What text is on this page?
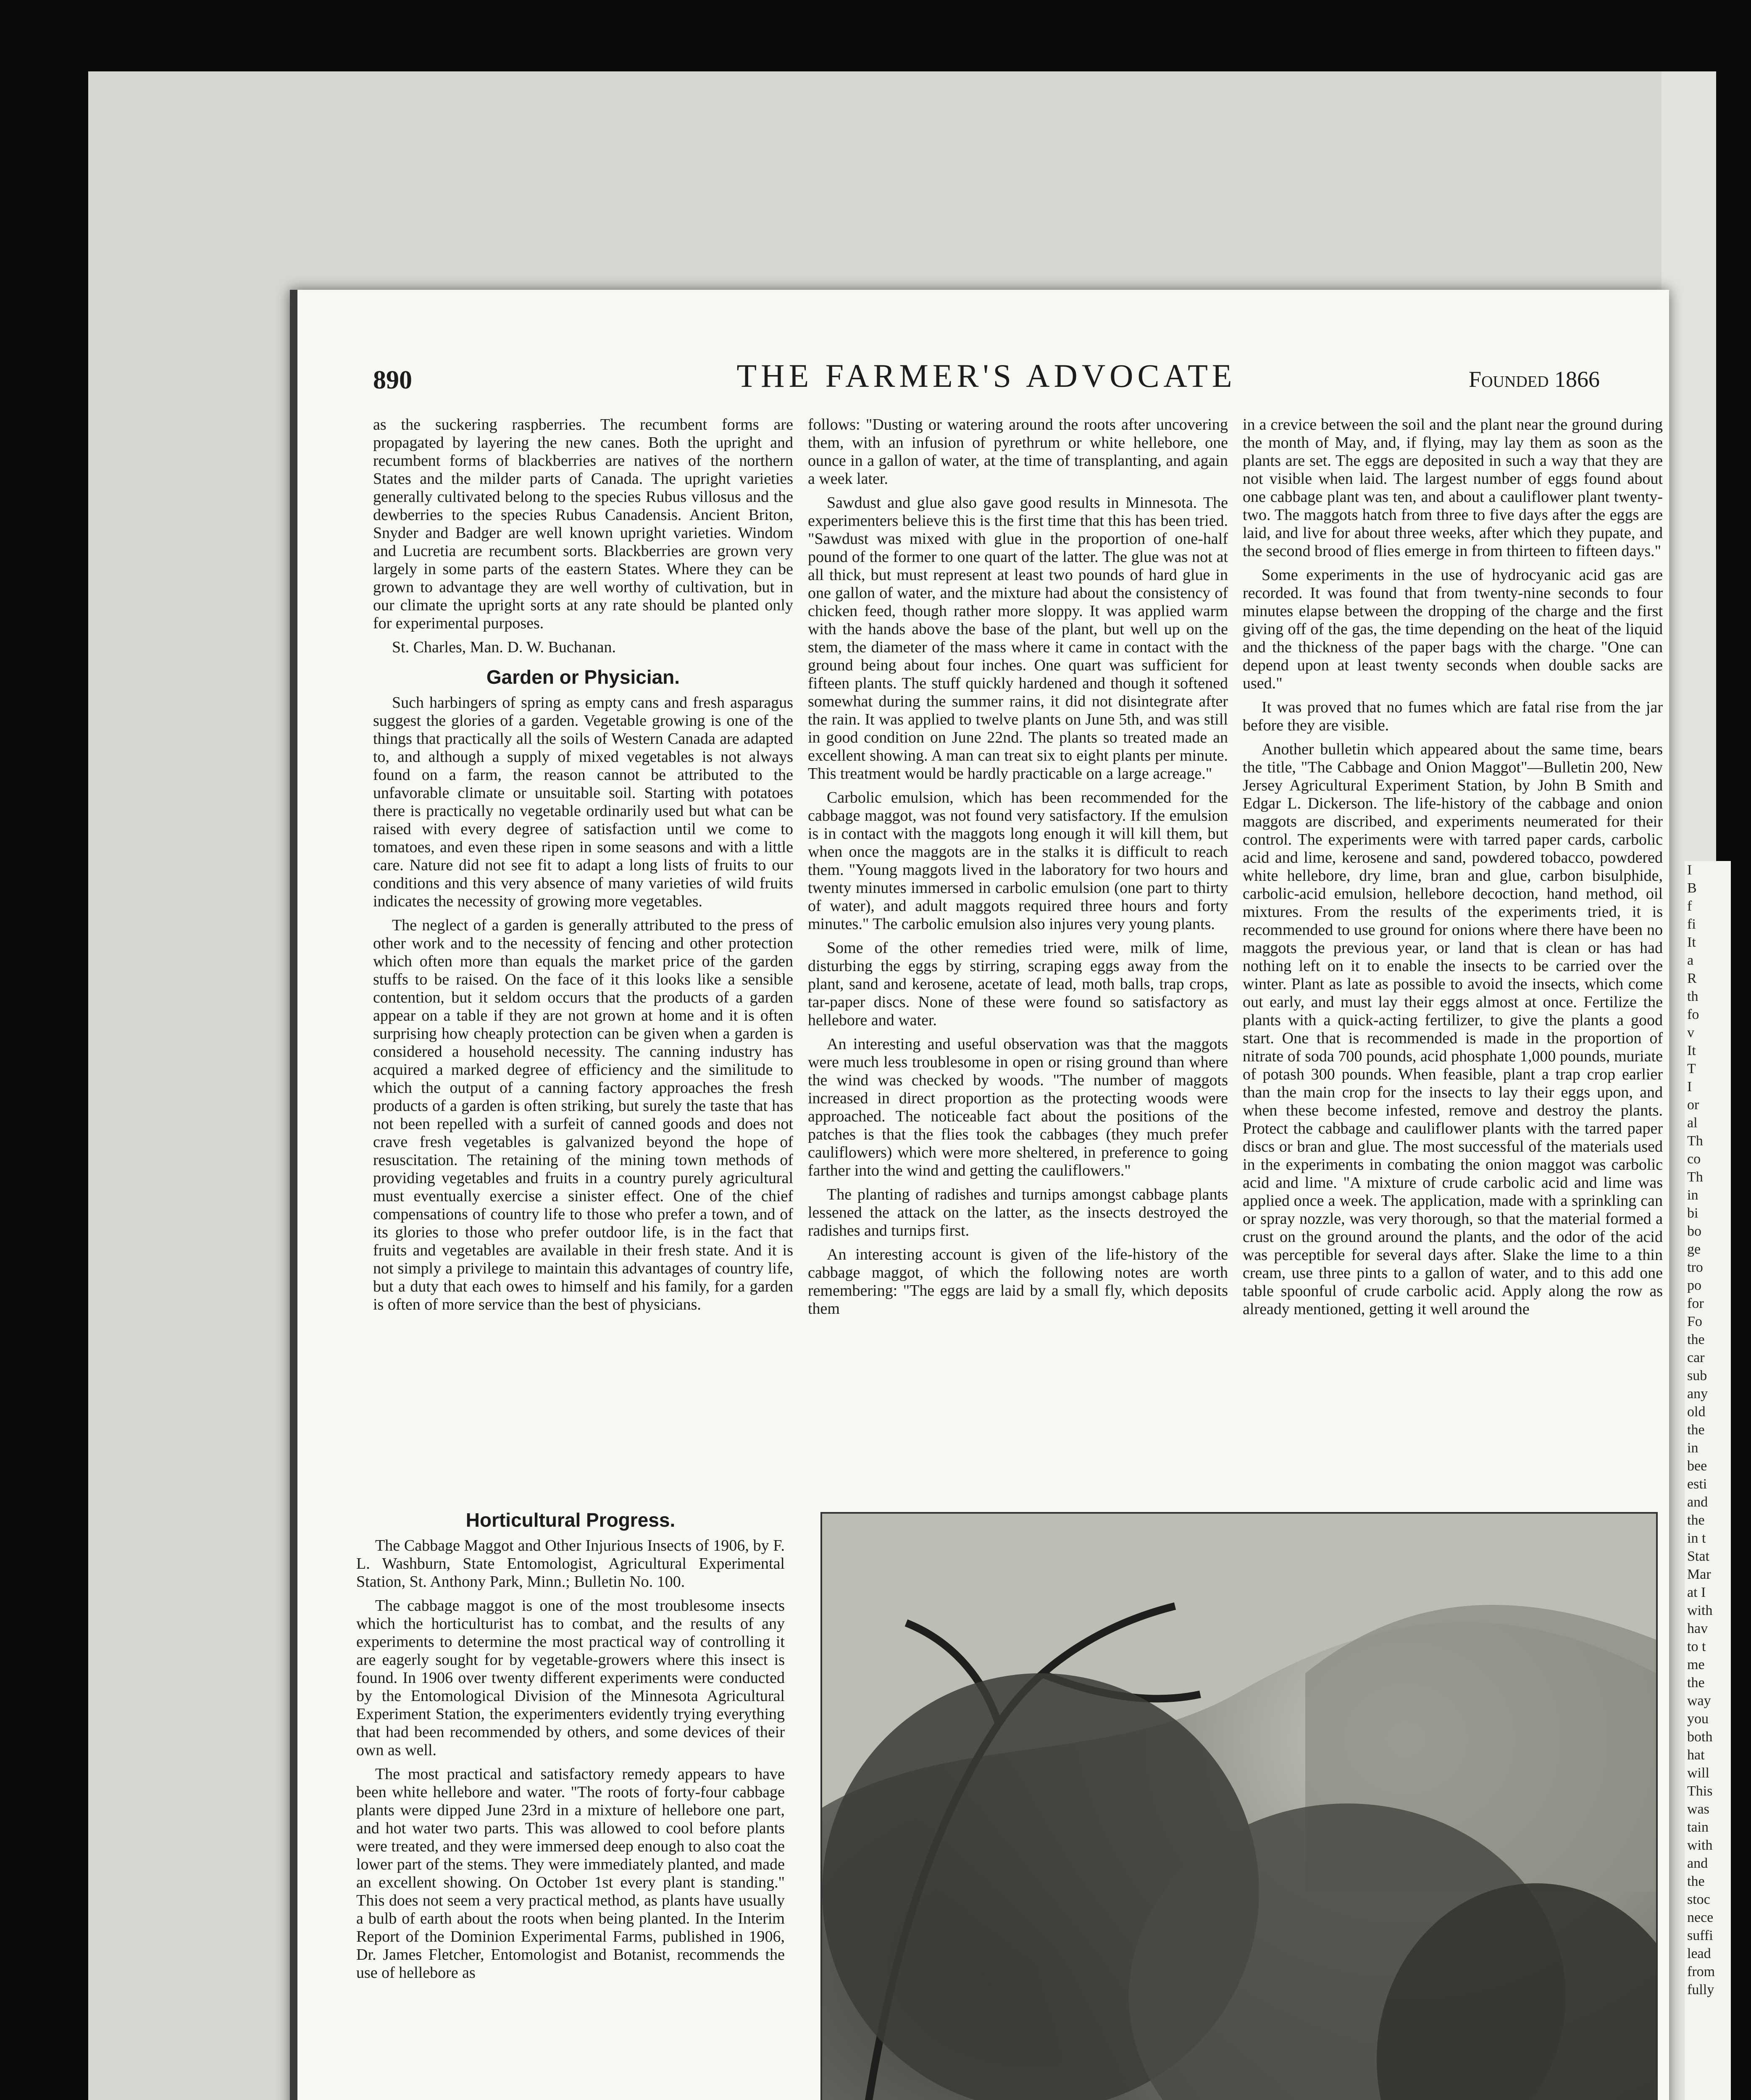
890	THE FARMER'S ADVOCATE	Founded 1866

as the suckering raspberries. The recumbent forms are propagated by layering the new canes. Both the upright and recumbent forms of blackberries are natives of the northern States and the milder parts of Canada. The upright varieties generally cultivated belong to the species Rubus villosus and the dewberries to the species Rubus Canadensis. Ancient Briton, Snyder and Badger are well known upright varieties. Windom and Lucretia are recumbent sorts. Blackberries are grown very largely in some parts of the eastern States. Where they can be grown to advantage they are well worthy of cultivation, but in our climate the upright sorts at any rate should be planted only for experimental purposes.

St. Charles, Man. D. W. Buchanan.

Garden or Physician.

Such harbingers of spring as empty cans and fresh asparagus suggest the glories of a garden. Vegetable growing is one of the things that practically all the soils of Western Canada are adapted to, and although a supply of mixed vegetables is not always found on a farm, the reason cannot be attributed to the unfavorable climate or unsuitable soil. Starting with potatoes there is practically no vegetable ordinarily used but what can be raised with every degree of satisfaction until we come to tomatoes, and even these ripen in some seasons and with a little care. Nature did not see fit to adapt a long lists of fruits to our conditions and this very absence of many varieties of wild fruits indicates the necessity of growing more vegetables.

The neglect of a garden is generally attributed to the press of other work and to the necessity of fencing and other protection which often more than equals the market price of the garden stuffs to be raised. On the face of it this looks like a sensible contention, but it seldom occurs that the products of a garden appear on a table if they are not grown at home and it is often surprising how cheaply protection can be given when a garden is considered a household necessity. The canning industry has acquired a marked degree of efficiency and the similitude to which the output of a canning factory approaches the fresh products of a garden is often striking, but surely the taste that has not been repelled with a surfeit of canned goods and does not crave fresh vegetables is galvanized beyond the hope of resuscitation. The retaining of the mining town methods of providing vegetables and fruits in a country purely agricultural must eventually exercise a sinister effect. One of the chief compensations of country life to those who prefer a town, and of its glories to those who prefer outdoor life, is in the fact that fruits and vegetables are available in their fresh state. And it is not simply a privilege to maintain this advantages of country life, but a duty that each owes to himself and his family, for a garden is often of more service than the best of physicians.

follows: "Dusting or watering around the roots after uncovering them, with an infusion of pyrethrum or white hellebore, one ounce in a gallon of water, at the time of transplanting, and again a week later.

Sawdust and glue also gave good results in Minnesota. The experimenters believe this is the first time that this has been tried. "Sawdust was mixed with glue in the proportion of one-half pound of the former to one quart of the latter. The glue was not at all thick, but must represent at least two pounds of hard glue in one gallon of water, and the mixture had about the consistency of chicken feed, though rather more sloppy. It was applied warm with the hands above the base of the plant, but well up on the stem, the diameter of the mass where it came in contact with the ground being about four inches. One quart was sufficient for fifteen plants. The stuff quickly hardened and though it softened somewhat during the summer rains, it did not disintegrate after the rain. It was applied to twelve plants on June 5th, and was still in good condition on June 22nd. The plants so treated made an excellent showing. A man can treat six to eight plants per minute. This treatment would be hardly practicable on a large acreage."

Carbolic emulsion, which has been recommended for the cabbage maggot, was not found very satisfactory. If the emulsion is in contact with the maggots long enough it will kill them, but when once the maggots are in the stalks it is difficult to reach them. "Young maggots lived in the laboratory for two hours and twenty minutes immersed in carbolic emulsion (one part to thirty of water), and adult maggots required three hours and forty minutes." The carbolic emulsion also injures very young plants.

Some of the other remedies tried were, milk of lime, disturbing the eggs by stirring, scraping eggs away from the plant, sand and kerosene, acetate of lead, moth balls, trap crops, tar-paper discs. None of these were found so satisfactory as hellebore and water.

An interesting and useful observation was that the maggots were much less troublesome in open or rising ground than where the wind was checked by woods. "The number of maggots increased in direct proportion as the protecting woods were approached. The noticeable fact about the positions of the patches is that the flies took the cabbages (they much prefer cauliflowers) which were more sheltered, in preference to going farther into the wind and getting the cauliflowers."

The planting of radishes and turnips amongst cabbage plants lessened the attack on the latter, as the insects destroyed the radishes and turnips first.

An interesting account is given of the life-history of the cabbage maggot, of which the following notes are worth remembering: "The eggs are laid by a small fly, which deposits them

in a crevice between the soil and the plant near the ground during the month of May, and, if flying, may lay them as soon as the plants are set. The eggs are deposited in such a way that they are not visible when laid. The largest number of eggs found about one cabbage plant was ten, and about a cauliflower plant twenty-two. The maggots hatch from three to five days after the eggs are laid, and live for about three weeks, after which they pupate, and the second brood of flies emerge in from thirteen to fifteen days."

Some experiments in the use of hydrocyanic acid gas are recorded. It was found that from twenty-nine seconds to four minutes elapse between the dropping of the charge and the first giving off of the gas, the time depending on the heat of the liquid and the thickness of the paper bags with the charge. "One can depend upon at least twenty seconds when double sacks are used."

It was proved that no fumes which are fatal rise from the jar before they are visible.

Another bulletin which appeared about the same time, bears the title, "The Cabbage and Onion Maggot"—Bulletin 200, New Jersey Agricultural Experiment Station, by John B Smith and Edgar L. Dickerson. The life-history of the cabbage and onion maggots are discribed, and experiments neumerated for their control. The experiments were with tarred paper cards, carbolic acid and lime, kerosene and sand, powdered tobacco, powdered white hellebore, dry lime, bran and glue, carbon bisulphide, carbolic-acid emulsion, hellebore decoction, hand method, oil mixtures. From the results of the experiments tried, it is recommended to use ground for onions where there have been no maggots the previous year, or land that is clean or has had nothing left on it to enable the insects to be carried over the winter. Plant as late as possible to avoid the insects, which come out early, and must lay their eggs almost at once. Fertilize the plants with a quick-acting fertilizer, to give the plants a good start. One that is recommended is made in the proportion of nitrate of soda 700 pounds, acid phosphate 1,000 pounds, muriate of potash 300 pounds. When feasible, plant a trap crop earlier than the main crop for the insects to lay their eggs upon, and when these become infested, remove and destroy the plants. Protect the cabbage and cauliflower plants with the tarred paper discs or bran and glue. The most successful of the materials used in the experiments in combating the onion maggot was carbolic acid and lime. "A mixture of crude carbolic acid and lime was applied once a week. The application, made with a sprinkling can or spray nozzle, was very thorough, so that the material formed a crust on the ground around the plants, and the odor of the acid was perceptible for several days after. Slake the lime to a thin cream, use three pints to a gallon of water, and to this add one table spoonful of crude carbolic acid. Apply along the row as already mentioned, getting it well around the

Horticultural Progress.

The Cabbage Maggot and Other Injurious Insects of 1906, by F. L. Washburn, State Entomologist, Agricultural Experimental Station, St. Anthony Park, Minn.; Bulletin No. 100.

The cabbage maggot is one of the most troublesome insects which the horticulturist has to combat, and the results of any experiments to determine the most practical way of controlling it are eagerly sought for by vegetable-growers where this insect is found. In 1906 over twenty different experiments were conducted by the Entomological Division of the Minnesota Agricultural Experiment Station, the experimenters evidently trying everything that had been recommended by others, and some devices of their own as well.

The most practical and satisfactory remedy appears to have been white hellebore and water. "The roots of forty-four cabbage plants were dipped June 23rd in a mixture of hellebore one part, and hot water two parts. This was allowed to cool before plants were treated, and they were immersed deep enough to also coat the lower part of the stems. They were immediately planted, and made an excellent showing. On October 1st every plant is standing." This does not seem a very practical method, as plants have usually a bulb of earth about the roots when being planted. In the Interim Report of the Dominion Experimental Farms, published in 1906, Dr. James Fletcher, Entomologist and Botanist, recommends the use of hellebore as

I
B
f
fi
It
a
R
th
fo
v
It
T
I
or
al
Th
co
Th
in
bi
bo
ge
tro
po
for
Fo
the
car
sub
any
old
the
in
bee
esti
and
the
in t
Stat
Mar
at I
with
hav
to t
me
the
way
you
both
hat
will
This
was
tain
with
and
the
stoc
nece
suffi
lead
from
fully
